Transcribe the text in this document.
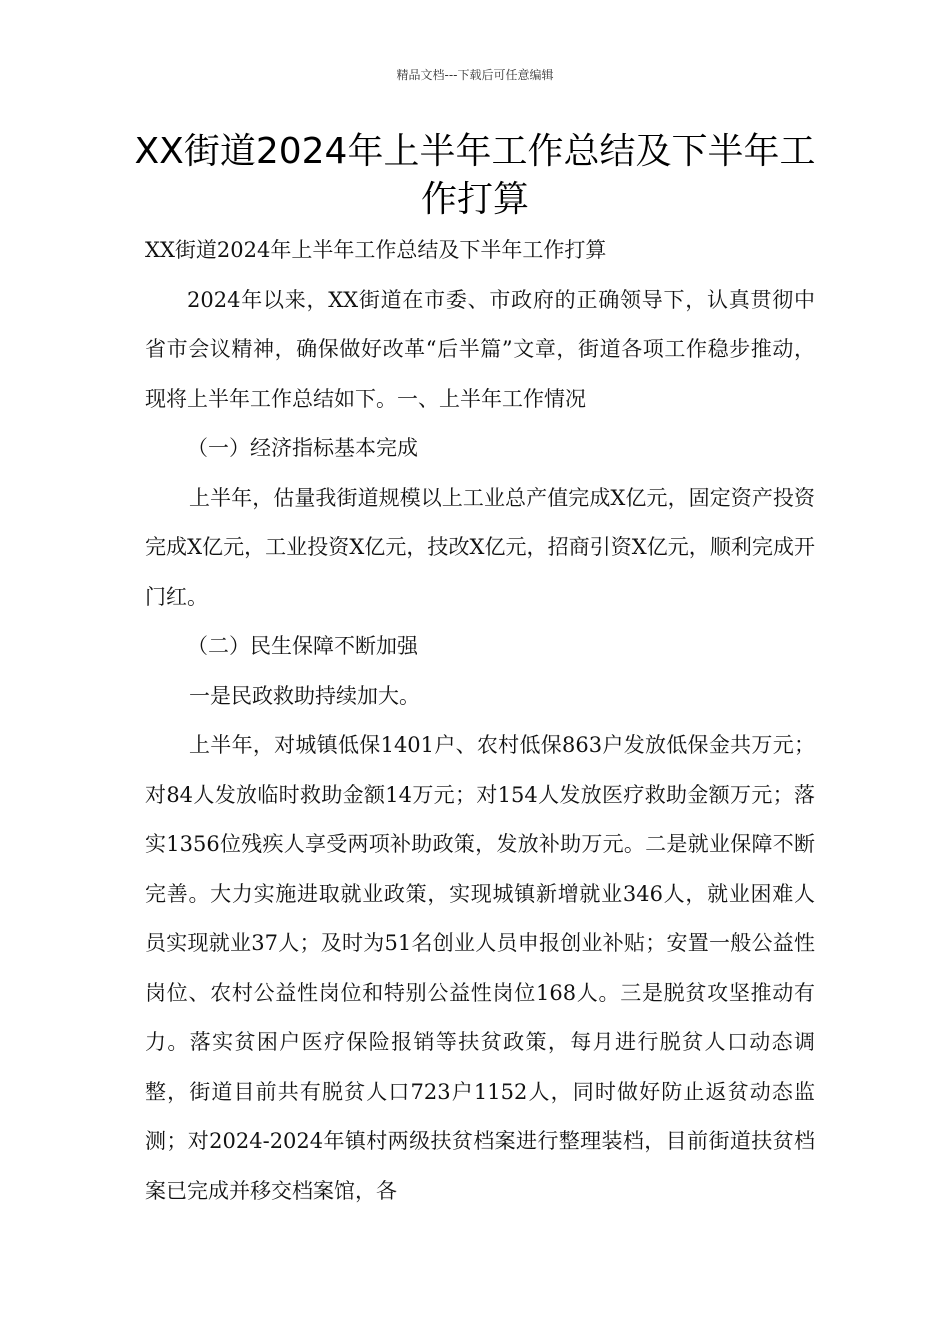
精品文档---下载后可任意编辑
XX街道2024年上半年工作总结及下半年工作打算

XX街道2024年上半年工作总结及下半年工作打算

2024年以来，XX街道在市委、市政府的正确领导下，认真贯彻中省市会议精神，确保做好改革“后半篇”文章，街道各项工作稳步推动，现将上半年工作总结如下。一、上半年工作情况

（一）经济指标基本完成

上半年，估量我街道规模以上工业总产值完成X亿元，固定资产投资完成X亿元，工业投资X亿元，技改X亿元，招商引资X亿元，顺利完成开门红。

（二）民生保障不断加强

一是民政救助持续加大。

上半年，对城镇低保1401户、农村低保863户发放低保金共万元；对84人发放临时救助金额14万元；对154人发放医疗救助金额万元；落实1356位残疾人享受两项补助政策，发放补助万元。二是就业保障不断完善。大力实施进取就业政策，实现城镇新增就业346人，就业困难人员实现就业37人；及时为51名创业人员申报创业补贴；安置一般公益性岗位、农村公益性岗位和特别公益性岗位168人。三是脱贫攻坚推动有力。落实贫困户医疗保险报销等扶贫政策，每月进行脱贫人口动态调整，街道目前共有脱贫人口723户1152人，同时做好防止返贫动态监测；对2024-2024年镇村两级扶贫档案进行整理装档，目前街道扶贫档案已完成并移交档案馆，各
